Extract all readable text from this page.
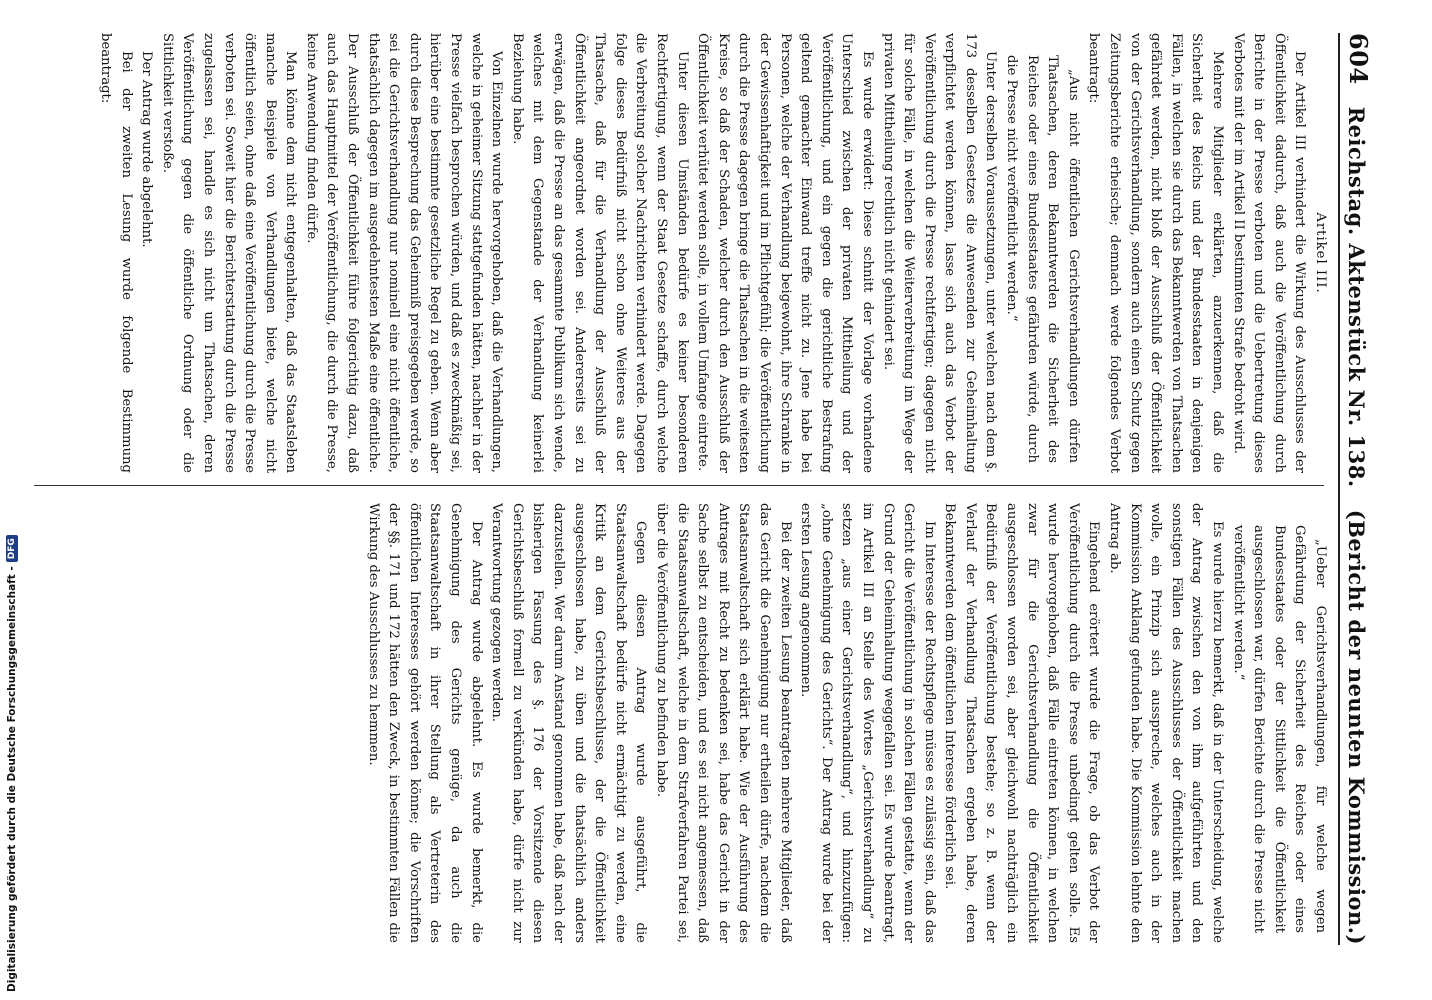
604
Reichstag. Aktenstück Nr. 138.
(Bericht der neunten Kommission.)

Artikel III.

Der Artikel III verhindert die Wirkung des Ausschlusses der Öffentlichkeit dadurch, daß auch die Veröffentlichung durch Berichte in der Presse verboten und die Uebertretung dieses Verbotes mit der im Artikel II bestimmten Strafe bedroht wird.

Mehrere Mitglieder erklärten, anzuerkennen, daß die Sicherheit des Reichs und der Bundesstaaten in denjenigen Fällen, in welchen sie durch das Bekanntwerden von Thatsachen gefährdet werden, nicht bloß der Ausschluß der Öffentlichkeit von der Gerichtsverhandlung, sondern auch einen Schutz gegen Zeitungsberichte erheische; demnach werde folgendes Verbot beantragt:

„Aus nicht öffentlichen Gerichtsverhandlungen dürfen Thatsachen, deren Bekanntwerden die Sicherheit des Reiches oder eines Bundesstaates gefährden würde, durch die Presse nicht veröffentlicht werden.“

Unter derselben Voraussetzungen, unter welchen nach dem §. 173 desselben Gesetzes die Anwesenden zur Geheimhaltung verpflichtet werden können, lasse sich auch das Verbot der Veröffentlichung durch die Presse rechtfertigen; dagegen nicht für solche Fälle, in welchen die Weiterverbreitung im Wege der privaten Mittheilung rechtlich nicht gehindert sei.

Es wurde erwidert: Diese schnitt der Vorlage vorhandene Unterschied zwischen der privaten Mittheilung und der Veröffentlichung, und ein gegen die gerichtliche Bestrafung geltend gemachter Einwand treffe nicht zu. Jene habe bei Personen, welche der Verhandlung beigewohnt, ihre Schranke in der Gewissenhaftigkeit und im Pflichtgefühl; die Veröffentlichung durch die Presse dagegen bringe die Thatsachen in die weitesten Kreise, so daß der Schaden, welcher durch den Ausschluß der Öffentlichkeit verhütet werden solle, in vollem Umfange eintrete.

Unter diesen Umständen bedürfe es keiner besonderen Rechtfertigung, wenn der Staat Gesetze schaffe, durch welche die Verbreitung solcher Nachrichten verhindert werde. Dagegen folge dieses Bedürfniß nicht schon ohne Weiteres aus der Thatsache, daß für die Verhandlung der Ausschluß der Öffentlichkeit angeordnet worden sei. Andererseits sei zu erwägen, daß die Presse an das gesammte Publikum sich wende, welches mit dem Gegenstande der Verhandlung keinerlei Beziehung habe.

Von Einzelnen wurde hervorgehoben, daß die Verhandlungen, welche in geheimer Sitzung stattgefunden hätten, nachher in der Presse vielfach besprochen würden, und daß es zweckmäßig sei, hierüber eine bestimmte gesetzliche Regel zu geben. Wenn aber durch diese Besprechung das Geheimniß preisgegeben werde, so sei die Gerichtsverhandlung nur nominell eine nicht öffentliche, thatsächlich dagegen im ausgedehntesten Maße eine öffentliche. Der Ausschluß der Öffentlichkeit führe folgerichtig dazu, daß auch das Hauptmittel der Veröffentlichung, die durch die Presse, keine Anwendung finden dürfe.

Man könne dem nicht entgegenhalten, daß das Staatsleben manche Beispiele von Verhandlungen biete, welche nicht öffentlich seien, ohne daß eine Veröffentlichung durch die Presse verboten sei. Soweit hier die Berichterstattung durch die Presse zugelassen sei, handle es sich nicht um Thatsachen, deren Veröffentlichung gegen die öffentliche Ordnung oder die Sittlichkeit verstoße.

Der Antrag wurde abgelehnt.

Bei der zweiten Lesung wurde folgende Bestimmung beantragt:

„Ueber Gerichtsverhandlungen, für welche wegen Gefährdung der Sicherheit des Reiches oder eines Bundesstaates oder der Sittlichkeit die Öffentlichkeit ausgeschlossen war, dürfen Berichte durch die Presse nicht veröffentlicht werden.“

Es wurde hierzu bemerkt, daß in der Unterscheidung, welche der Antrag zwischen den von ihm aufgeführten und den sonstigen Fällen des Ausschlusses der Öffentlichkeit machen wolle, ein Prinzip sich ausspreche, welches auch in der Kommission Anklang gefunden habe. Die Kommission lehnte den Antrag ab.

Eingehend erörtert wurde die Frage, ob das Verbot der Veröffentlichung durch die Presse unbedingt gelten solle. Es wurde hervorgehoben, daß Fälle eintreten können, in welchen zwar für die Gerichtsverhandlung die Öffentlichkeit ausgeschlossen worden sei, aber gleichwohl nachträglich ein Bedürfniß der Veröffentlichung bestehe; so z. B. wenn der Verlauf der Verhandlung Thatsachen ergeben habe, deren Bekanntwerden dem öffentlichen Interesse förderlich sei.

Im Interesse der Rechtspflege müsse es zulässig sein, daß das Gericht die Veröffentlichung in solchen Fällen gestatte, wenn der Grund der Geheimhaltung weggefallen sei. Es wurde beantragt, im Artikel III an Stelle des Wortes „Gerichtsverhandlung“ zu setzen „aus einer Gerichtsverhandlung“, und hinzuzufügen: „ohne Genehmigung des Gerichts“. Der Antrag wurde bei der ersten Lesung angenommen.

Bei der zweiten Lesung beantragten mehrere Mitglieder, daß das Gericht die Genehmigung nur ertheilen dürfe, nachdem die Staatsanwaltschaft sich erklärt habe. Wie der Ausführung des Antrages mit Recht zu bedenken sei, habe das Gericht in der Sache selbst zu entscheiden, und es sei nicht angemessen, daß die Staatsanwaltschaft, welche in dem Strafverfahren Partei sei, über die Veröffentlichung zu befinden habe.

Gegen diesen Antrag wurde ausgeführt, die Staatsanwaltschaft bedürfe nicht ermächtigt zu werden, eine Kritik an dem Gerichtsbeschlusse, der die Öffentlichkeit ausgeschlossen habe, zu üben und die thatsächlich anders darzustellen. Wer darum Anstand genommen habe, daß nach der bisherigen Fassung des §. 176 der Vorsitzende diesen Gerichtsbeschluß formell zu verkünden habe, dürfe nicht zur Verantwortung gezogen werden.

Der Antrag wurde abgelehnt. Es wurde bemerkt, die Genehmigung des Gerichts genüge, da auch die Staatsanwaltschaft in ihrer Stellung als Vertreterin des öffentlichen Interesses gehört werden könne; die Vorschriften der §§. 171 und 172 hätten den Zweck, in bestimmten Fällen die Wirkung des Ausschlusses zu hemmen.

Digitalisierung gefördert durch die Deutsche Forschungsgemeinschaft -
DFG
